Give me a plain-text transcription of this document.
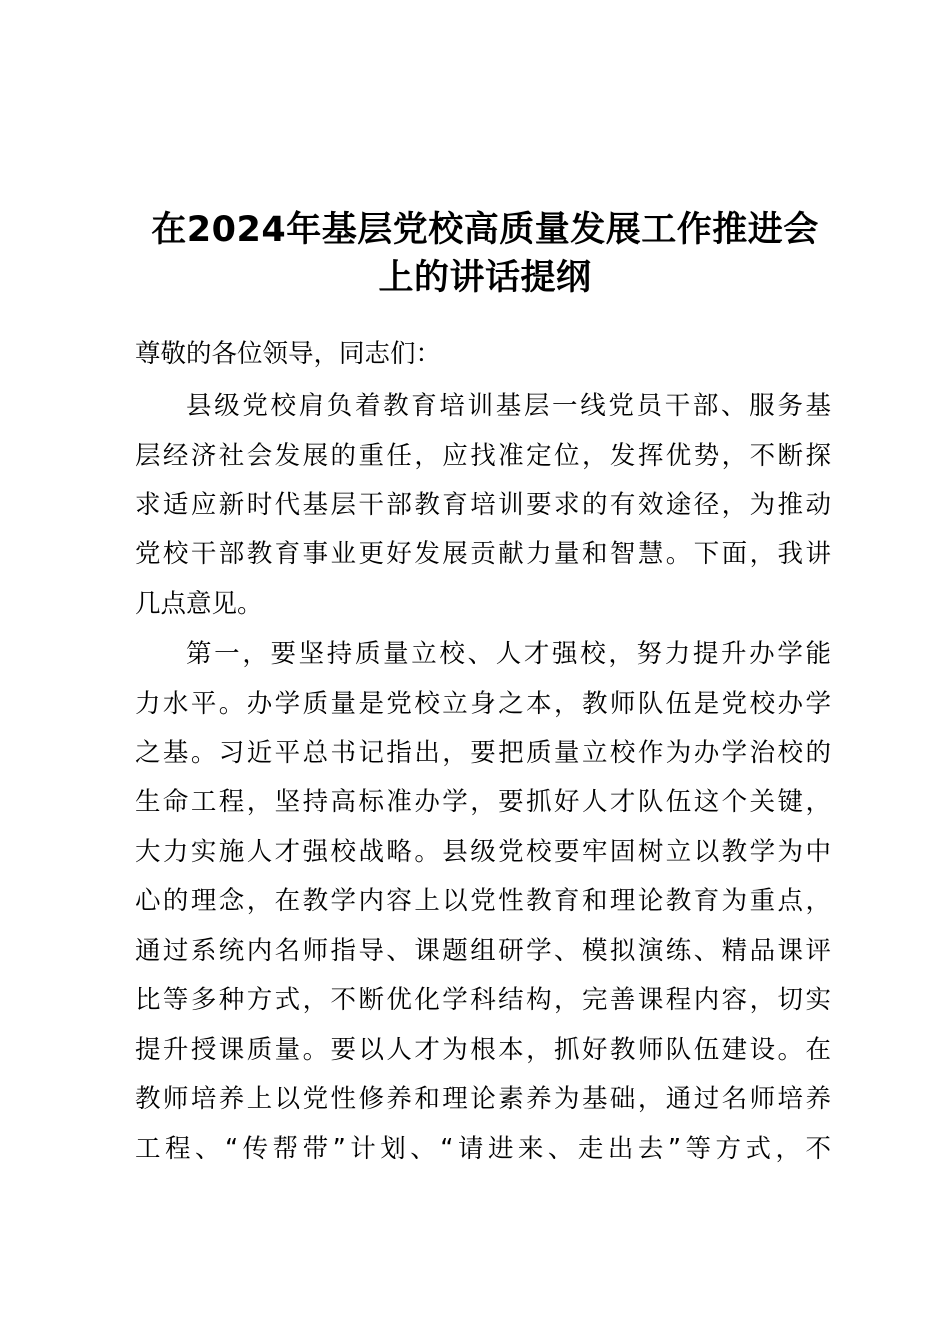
在2024年基层党校高质量发展工作推进会
上的讲话提纲
尊敬的各位领导，同志们：
县级党校肩负着教育培训基层一线党员干部、服务基
层经济社会发展的重任，应找准定位，发挥优势，不断探
求适应新时代基层干部教育培训要求的有效途径，为推动
党校干部教育事业更好发展贡献力量和智慧。下面，我讲
几点意见。
第一，要坚持质量立校、人才强校，努力提升办学能
力水平。办学质量是党校立身之本，教师队伍是党校办学
之基。习近平总书记指出，要把质量立校作为办学治校的
生命工程，坚持高标准办学，要抓好人才队伍这个关键，
大力实施人才强校战略。县级党校要牢固树立以教学为中
心的理念，在教学内容上以党性教育和理论教育为重点，
通过系统内名师指导、课题组研学、模拟演练、精品课评
比等多种方式，不断优化学科结构，完善课程内容，切实
提升授课质量。要以人才为根本，抓好教师队伍建设。在
教师培养上以党性修养和理论素养为基础，通过名师培养
工程、“传帮带”计划、“请进来、走出去”等方式，不
